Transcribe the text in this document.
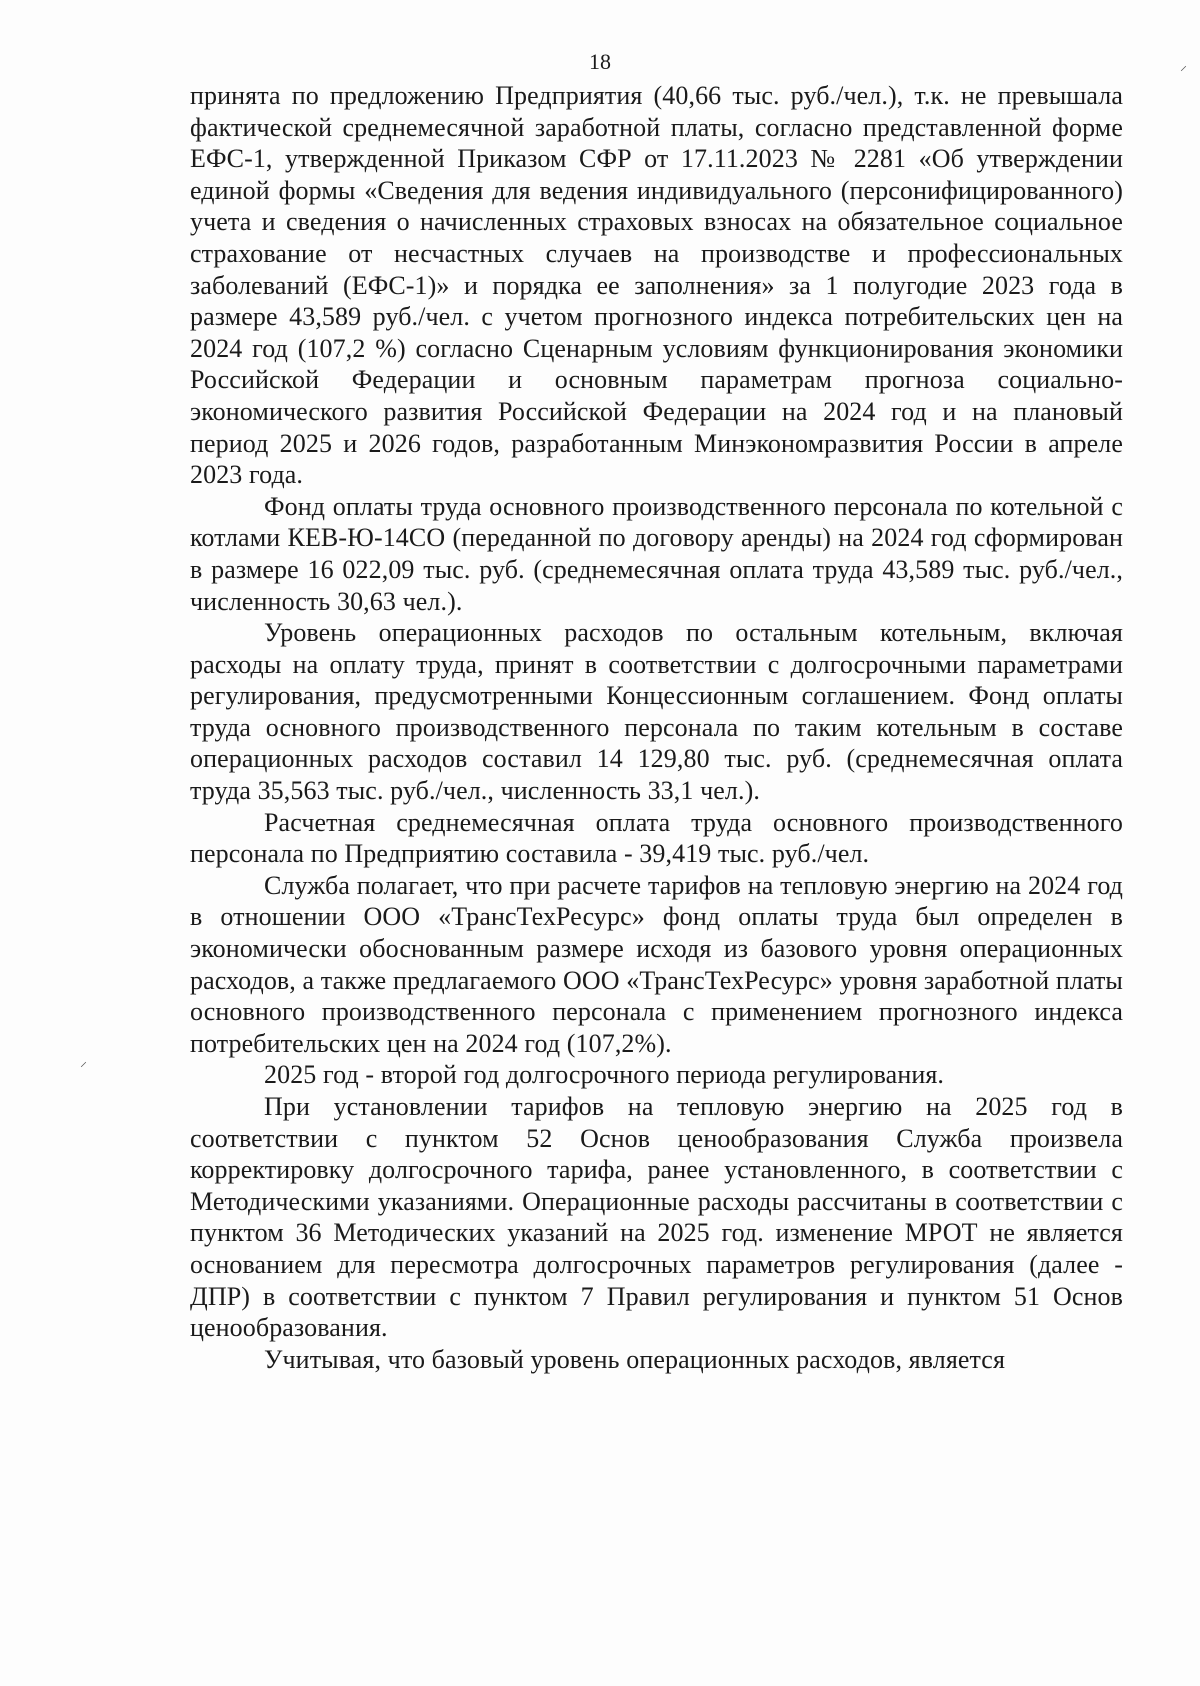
18

принята по предложению Предприятия (40,66 тыс. руб./чел.), т.к. не превышала фактической среднемесячной заработной платы, согласно представленной форме ЕФС-1, утвержденной Приказом СФР от 17.11.2023 № 2281 «Об утверждении единой формы «Сведения для ведения индивидуального (персонифицированного) учета и сведения о начисленных страховых взносах на обязательное социальное страхование от несчастных случаев на производстве и профессиональных заболеваний (ЕФС-1)» и порядка ее заполнения» за 1 полугодие 2023 года в размере 43,589 руб./чел. с учетом прогнозного индекса потребительских цен на 2024 год (107,2 %) согласно Сценарным условиям функционирования экономики Российской Федерации и основным параметрам прогноза социально-экономического развития Российской Федерации на 2024 год и на плановый период 2025 и 2026 годов, разработанным Минэкономразвития России в апреле 2023 года.

Фонд оплаты труда основного производственного персонала по котельной с котлами КЕВ-Ю-14СО (переданной по договору аренды) на 2024 год сформирован в размере 16 022,09 тыс. руб. (среднемесячная оплата труда 43,589 тыс. руб./чел., численность 30,63 чел.).

Уровень операционных расходов по остальным котельным, включая расходы на оплату труда, принят в соответствии с долгосрочными параметрами регулирования, предусмотренными Концессионным соглашением. Фонд оплаты труда основного производственного персонала по таким котельным в составе операционных расходов составил 14 129,80 тыс. руб. (среднемесячная оплата труда 35,563 тыс. руб./чел., численность 33,1 чел.).

Расчетная среднемесячная оплата труда основного производственного персонала по Предприятию составила - 39,419 тыс. руб./чел.

Служба полагает, что при расчете тарифов на тепловую энергию на 2024 год в отношении ООО «ТрансТехРесурс» фонд оплаты труда был определен в экономически обоснованным размере исходя из базового уровня операционных расходов, а также предлагаемого ООО «ТрансТехРесурс» уровня заработной платы основного производственного персонала с применением прогнозного индекса потребительских цен на 2024 год (107,2%).

2025 год - второй год долгосрочного периода регулирования.

При установлении тарифов на тепловую энергию на 2025 год в соответствии с пунктом 52 Основ ценообразования Служба произвела корректировку долгосрочного тарифа, ранее установленного, в соответствии с Методическими указаниями. Операционные расходы рассчитаны в соответствии с пунктом 36 Методических указаний на 2025 год. изменение МРОТ не является основанием для пересмотра долгосрочных параметров регулирования (далее - ДПР) в соответствии с пунктом 7 Правил регулирования и пунктом 51 Основ ценообразования.

Учитывая, что базовый уровень операционных расходов, является

⸝
⸝
